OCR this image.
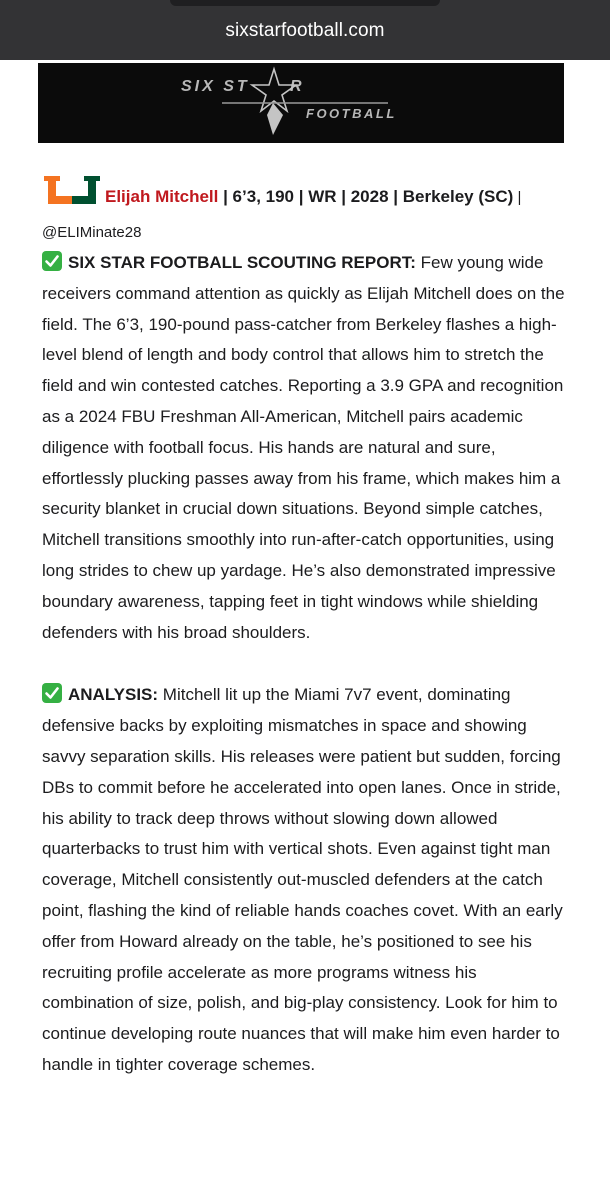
sixstarfootball.com
SIX ST	R
FOOTBALL
Elijah Mitchell | 6’3, 190 | WR | 2028 | Berkeley (SC) | @ELIMinate28
SIX STAR FOOTBALL SCOUTING REPORT: Few young wide receivers command attention as quickly as Elijah Mitchell does on the field. The 6’3, 190-pound pass-catcher from Berkeley flashes a high-level blend of length and body control that allows him to stretch the field and win contested catches. Reporting a 3.9 GPA and recognition as a 2024 FBU Freshman All-American, Mitchell pairs academic diligence with football focus. His hands are natural and sure, effortlessly plucking passes away from his frame, which makes him a security blanket in crucial down situations. Beyond simple catches, Mitchell transitions smoothly into run-after-catch opportunities, using long strides to chew up yardage. He’s also demonstrated impressive boundary awareness, tapping feet in tight windows while shielding defenders with his broad shoulders.
ANALYSIS: Mitchell lit up the Miami 7v7 event, dominating defensive backs by exploiting mismatches in space and showing savvy separation skills. His releases were patient but sudden, forcing DBs to commit before he accelerated into open lanes. Once in stride, his ability to track deep throws without slowing down allowed quarterbacks to trust him with vertical shots. Even against tight man coverage, Mitchell consistently out-muscled defenders at the catch point, flashing the kind of reliable hands coaches covet. With an early offer from Howard already on the table, he’s positioned to see his recruiting profile accelerate as more programs witness his combination of size, polish, and big-play consistency. Look for him to continue developing route nuances that will make him even harder to handle in tighter coverage schemes.
